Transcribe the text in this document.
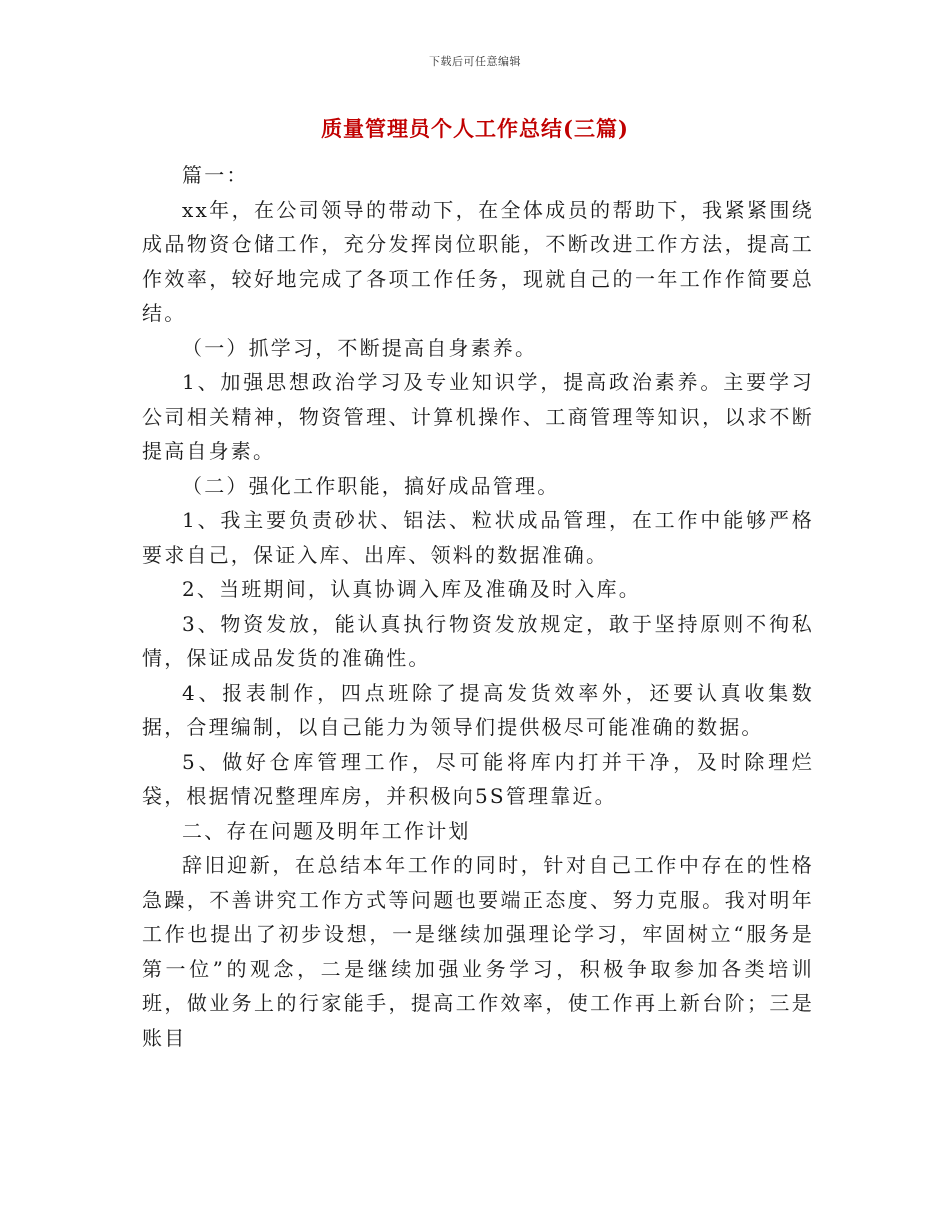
下载后可任意编辑
质量管理员个人工作总结(三篇)

篇一：

xx年，在公司领导的带动下，在全体成员的帮助下，我紧紧围绕成品物资仓储工作，充分发挥岗位职能，不断改进工作方法，提高工作效率，较好地完成了各项工作任务，现就自己的一年工作作简要总结。

（一）抓学习，不断提高自身素养。

1、加强思想政治学习及专业知识学，提高政治素养。主要学习公司相关精神，物资管理、计算机操作、工商管理等知识，以求不断提高自身素。

（二）强化工作职能，搞好成品管理。

1、我主要负责砂状、铝法、粒状成品管理，在工作中能够严格要求自己，保证入库、出库、领料的数据准确。

2、当班期间，认真协调入库及准确及时入库。

3、物资发放，能认真执行物资发放规定，敢于坚持原则不徇私情，保证成品发货的准确性。

4、报表制作，四点班除了提高发货效率外，还要认真收集数据，合理编制，以自己能力为领导们提供极尽可能准确的数据。

5、做好仓库管理工作，尽可能将库内打并干净，及时除理烂袋，根据情况整理库房，并积极向5S管理靠近。

二、存在问题及明年工作计划

辞旧迎新，在总结本年工作的同时，针对自己工作中存在的性格急躁，不善讲究工作方式等问题也要端正态度、努力克服。我对明年工作也提出了初步设想，一是继续加强理论学习，牢固树立“服务是第一位”的观念，二是继续加强业务学习，积极争取参加各类培训班，做业务上的行家能手，提高工作效率，使工作再上新台阶；三是账目
